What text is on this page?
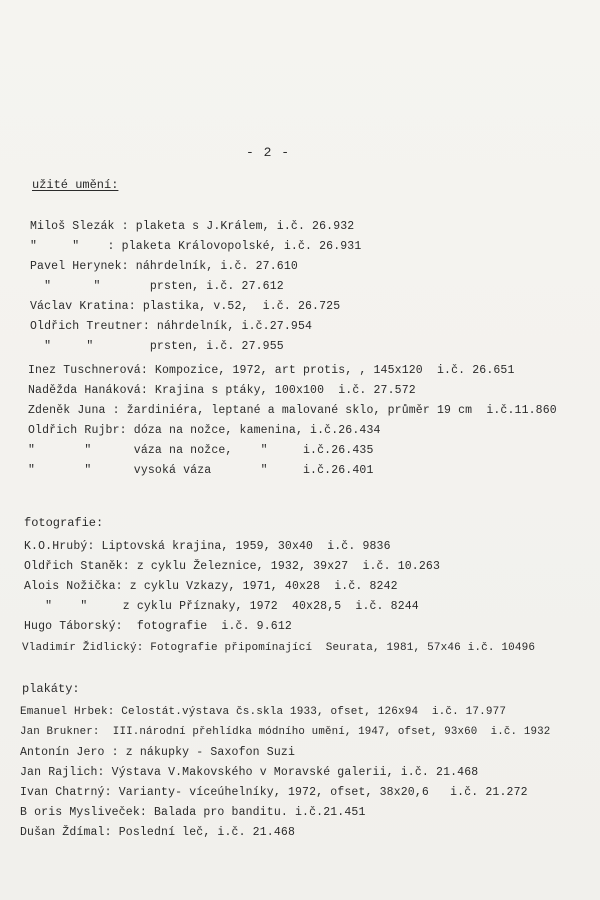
- 2 -
užité umění:
Miloš Slezák : plaketa s J.Králem, i.č. 26.932
"     "    : plaketa Královopolské, i.č. 26.931
Pavel Herynek: náhrdelník, i.č. 27.610
"      "       prsten, i.č. 27.612
Václav Kratina: plastika, v.52,  i.č. 26.725
Oldřich Treutner: náhrdelník, i.č.27.954
"     "        prsten, i.č. 27.955
Inez Tuschnerová: Kompozice, 1972, art protis, , 145x120  i.č. 26.651
Naděžda Hanáková: Krajina s ptáky, 100x100  i.č. 27.572
Zdeněk Juna : žardiniéra, leptané a malované sklo, průměr 19 cm  i.č.11.860
Oldřich Rujbr: dóza na nožce, kamenina, i.č.26.434
"       "      váza na nožce,    "     i.č.26.435
"       "      vysoká váza       "     i.č.26.401
fotografie:
K.O.Hrubý: Liptovská krajina, 1959, 30x40  i.č. 9836
Oldřich Staněk: z cyklu Železnice, 1932, 39x27  i.č. 10.263
Alois Nožička: z cyklu Vzkazy, 1971, 40x28  i.č. 8242
"    "     z cyklu Příznaky, 1972  40x28,5  i.č. 8244
Hugo Táborský:  fotografie  i.č. 9.612
Vladimír Židlický: Fotografie připomínající  Seurata, 1981, 57x46 i.č. 10496
plakáty:
Emanuel Hrbek: Celostát.výstava čs.skla 1933, ofset, 126x94  i.č. 17.977
Jan Brukner:  III.národní přehlídka módního umění, 1947, ofset, 93x60  i.č. 1932
Antonín Jero : z nákupky - Saxofon Suzi
Jan Rajlich: Výstava V.Makovského v Moravské galerii, i.č. 21.468
Ivan Chatrný: Varianty- víceúhelníky, 1972, ofset, 38x20,6   i.č. 21.272
B oris Mysliveček: Balada pro banditu. i.č.21.451
Dušan Ždímal: Poslední leč, i.č. 21.468
